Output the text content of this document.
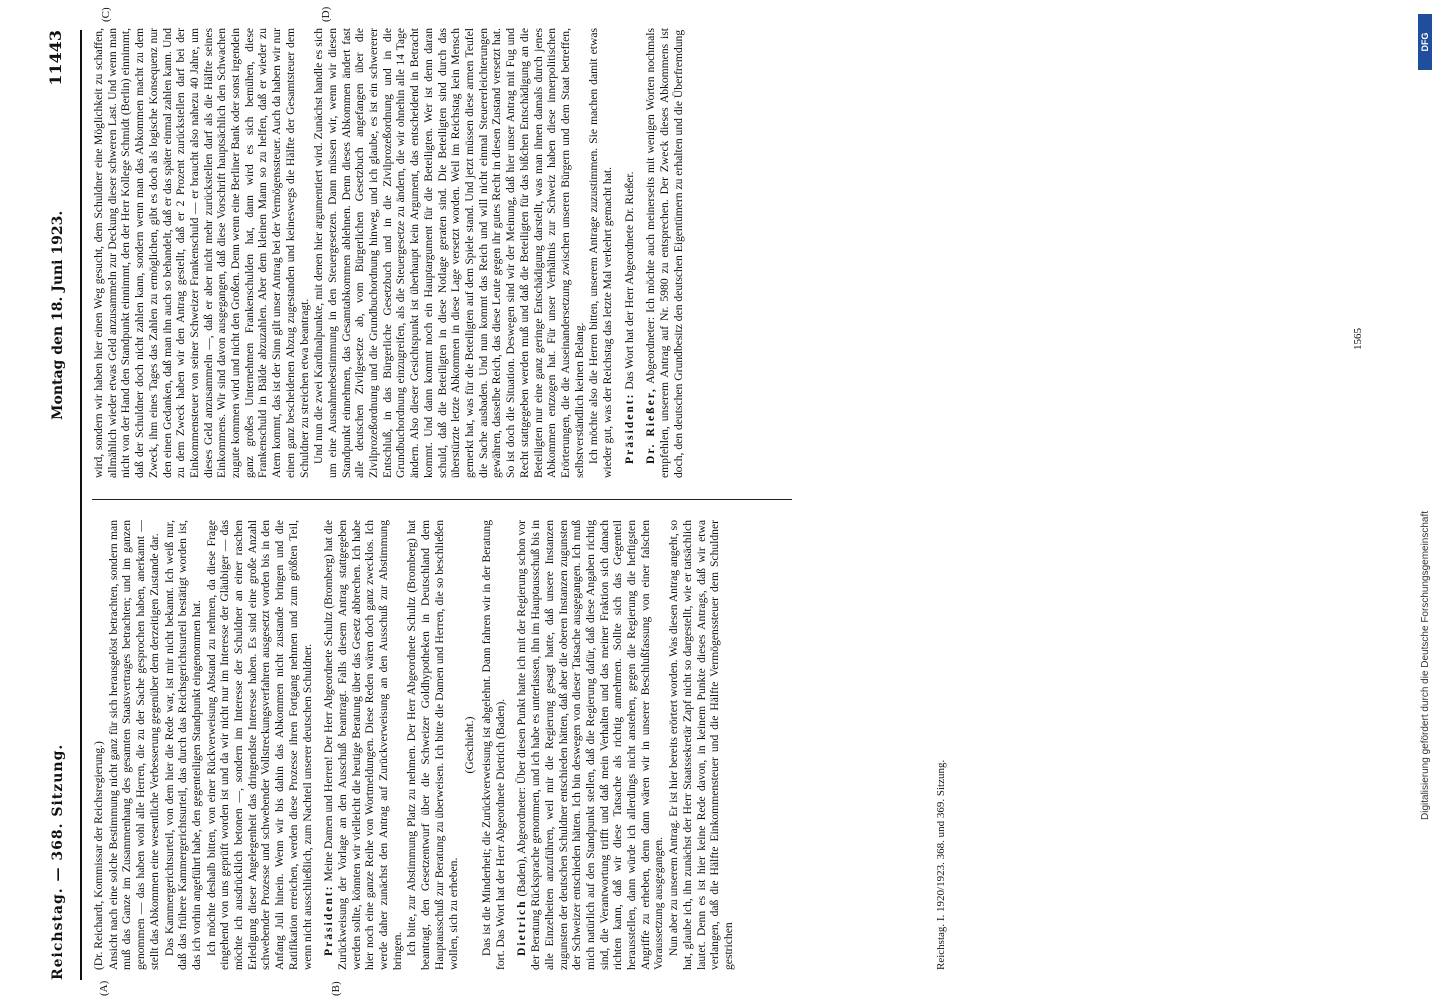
Reichstag. — 368. Sitzung.
Montag den 18. Juni 1923.
11443
(A)	(B)
(C)	(D)

(Dr. Reichardt, Kommissar der Reichsregierung.) Ansicht nach eine solche Bestimmung nicht ganz für sich herausgelöst betrachten, sondern man muß das Ganze im Zusammenhang des gesamten Staatsvertrages betrachten; und im ganzen genommen — das haben wohl alle Herren, die zu der Sache gesprochen haben, anerkannt — stellt das Abkommen eine wesentliche Verbesserung gegenüber dem derzeitigen Zustande dar. Das Kammergerichtsurteil, von dem hier die Rede war, ist mir nicht bekannt. Ich weiß nur, daß das frühere Kammergerichtsurteil, das durch das Reichsgerichtsurteil bestätigt worden ist, das ich vorhin angeführt habe, den gegenteiligen Standpunkt eingenommen hat. Ich möchte deshalb bitten, von einer Rückverweisung Abstand zu nehmen, da diese Frage eingehend von uns geprüft worden ist und da wir nicht nur im Interesse der Gläubiger — das möchte ich ausdrücklich betonen —, sondern im Interesse der Schuldner an einer raschen Erledigung dieser Angelegenheit das dringendste Interesse haben. Es sind eine große Anzahl schwebender Prozesse und schwebender Vollstreckungsverfahren ausgesetzt worden bis in den Anfang Juli hinein. Wenn wir bis dahin das Abkommen nicht zustande bringen und die Ratifikation erreichen, werden diese Prozesse ihren Fortgang nehmen und zum größten Teil, wenn nicht ausschließlich, zum Nachteil unserer deutschen Schuldner. Präsident: Meine Damen und Herren! Der Herr Abgeordnete Schultz (Bromberg) hat die Zurückweisung der Vorlage an den Ausschuß beantragt. Falls diesem Antrag stattgegeben werden sollte, könnten wir vielleicht die heutige Beratung über das Gesetz abbrechen. Ich habe hier noch eine ganze Reihe von Wortmeldungen. Diese Reden wären doch ganz zwecklos. Ich werde daher zunächst den Antrag auf Zurückverweisung an den Ausschuß zur Abstimmung bringen. Ich bitte, zur Abstimmung Platz zu nehmen. Der Herr Abgeordnete Schultz (Bromberg) hat beantragt, den Gesetzentwurf über die Schweizer Goldhypotheken in Deutschland dem Hauptausschuß zur Beratung zu überweisen. Ich bitte die Damen und Herren, die so beschließen wollen, sich zu erheben.

(Geschieht.) Das ist die Minderheit; die Zurückverweisung ist abgelehnt. Dann fahren wir in der Beratung fort. Das Wort hat der Herr Abgeordnete Dietrich (Baden). Dietrich (Baden), Abgeordneter: Über diesen Punkt hatte ich mit der Regierung schon vor der Beratung Rücksprache genommen, und ich habe es unterlassen, ihn im Hauptausschuß bis in alle Einzelheiten anzuführen, weil mir die Regierung gesagt hatte, daß unsere Instanzen zugunsten der deutschen Schuldner entschieden hätten, daß aber die oberen Instanzen zugunsten der Schweizer entschieden hätten. Ich bin deswegen von dieser Tatsache ausgegangen. Ich muß mich natürlich auf den Standpunkt stellen, daß die Regierung dafür, daß diese Angaben richtig sind, die Verantwortung trifft und daß mein Verhalten und das meiner Fraktion sich danach richten kann, daß wir diese Tatsache als richtig annehmen. Sollte sich das Gegenteil herausstellen, dann würde ich allerdings nicht anstehen, gegen die Regierung die heftigsten Angriffe zu erheben, denn dann wären wir in unserer Beschlußfassung von einer falschen Voraussetzung ausgegangen. Nun aber zu unserem Antrag. Er ist hier bereits erörtert worden. Was diesen Antrag angeht, so hat, glaube ich, ihn zunächst der Herr Staatssekretär Zapf nicht so dargestellt, wie er tatsächlich lautet. Denn es ist hier keine Rede davon, in keinem Punkte dieses Antrags, daß wir etwa verlangen, daß die Hälfte Einkommensteuer und die Hälfte Vermögenssteuer dem Schuldner gestrichen

wird, sondern wir haben hier einen Weg gesucht, dem Schuldner eine Möglichkeit zu schaffen, allmählich wieder etwas Geld anzusammeln zur Deckung dieser schweren Last. Und wenn man nicht von der Hand den Standpunkt einnimmt, den der Herr Kollege Schmidt (Berlin) einnimmt, daß der Schuldner doch nicht zahlen kann, sondern wenn man das Abkommen macht zu dem Zweck, ihm eines Tages das Zahlen zu ermöglichen, gibt es doch als logische Konsequenz nur den einen Gedanken, daß man ihn auch so behandelt, daß er das später einmal zahlen kann. Und zu dem Zweck haben wir den Antrag gestellt, daß er 2 Prozent zurückstellen darf bei der Einkommensteuer von seiner Schweizer Frankenschuld — er braucht also nahezu 40 Jahre, um dieses Geld anzusammeln —, daß er aber nicht mehr zurückstellen darf als die Hälfte seines Einkommens. Wir sind davon ausgegangen, daß diese Vorschrift hauptsächlich den Schwachen zugute kommen wird und nicht den Großen. Denn wenn eine Berliner Bank oder sonst irgendein ganz großes Unternehmen Frankenschulden hat, dann wird es sich bemühen, diese Frankenschuld in Bälde abzuzahlen. Aber dem kleinen Mann so zu helfen, daß er wieder zu Atem kommt, das ist der Sinn gilt unser Antrag bei der Vermögenssteuer. Auch da haben wir nur einen ganz bescheidenen Abzug zugestanden und keineswegs die Hälfte der Gesamtsteuer dem Schuldner zu streichen etwa beantragt. Und nun die zwei Kardinalpunkte, mit denen hier argumentiert wird. Zunächst handle es sich um eine Ausnahmebestimmung in den Steuergesetzen. Dann müssen wir, wenn wir diesen Standpunkt einnehmen, das Gesamtabkommen ablehnen. Denn dieses Abkommen ändert fast alle deutschen Zivilgesetze ab, vom Bürgerlichen Gesetzbuch angefangen über die Zivilprozeßordnung und die Grundbuchordnung hinweg, und ich glaube, es ist ein schwererer Entschluß, in das Bürgerliche Gesetzbuch und in die Zivilprozeßordnung und in die Grundbuchordnung einzugreifen, als die Steuergesetze zu ändern, die wir ohnehin alle 14 Tage ändern. Also dieser Gesichtspunkt ist überhaupt kein Argument, das entscheidend in Betracht kommt. Und dann kommt noch ein Hauptargument für die Beteiligten. Wer ist denn daran schuld, daß die Beteiligten in diese Notlage geraten sind. Die Beteiligten sind durch das überstürzte letzte Abkommen in diese Lage versetzt worden. Weil im Reichstag kein Mensch gemerkt hat, was für die Beteiligten auf dem Spiele stand. Und jetzt müssen diese armen Teufel die Sache ausbaden. Und nun kommt das Reich und will nicht einmal Steuererleichterungen gewähren, dasselbe Reich, das diese Leute gegen ihr gutes Recht in diesen Zustand versetzt hat. So ist doch die Situation. Deswegen sind wir der Meinung, daß hier unser Antrag mit Fug und Recht stattgegeben werden muß und daß die Beteiligten für das bißchen Entschädigung an die Beteiligten nur eine ganz geringe Entschädigung darstellt, was man ihnen damals durch jenes Abkommen entzogen hat. Für unser Verhältnis zur Schweiz haben diese innerpolitischen Erörterungen, die die Auseinandersetzung zwischen unseren Bürgern und dem Staat betreffen, selbstverständlich keinen Belang. Ich möchte also die Herren bitten, unserem Antrage zuzustimmen. Sie machen damit etwas wieder gut, was der Reichstag das letzte Mal verkehrt gemacht hat. Präsident: Das Wort hat der Herr Abgeordnete Dr. Rießer.

Dr. Rießer, Abgeordneter: Ich möchte auch meinerseits mit wenigen Worten nochmals empfehlen, unserem Antrag auf Nr. 5980 zu entsprechen. Der Zweck dieses Abkommens ist doch, den deutschen Grundbesitz den deutschen Eigentümern zu erhalten und die Überfremdung

Reichstag. I. 1920/1923. 368. und 369. Sitzung.
1565
Digitalisierung gefördert durch die Deutsche Forschungsgemeinschaft
DFG
